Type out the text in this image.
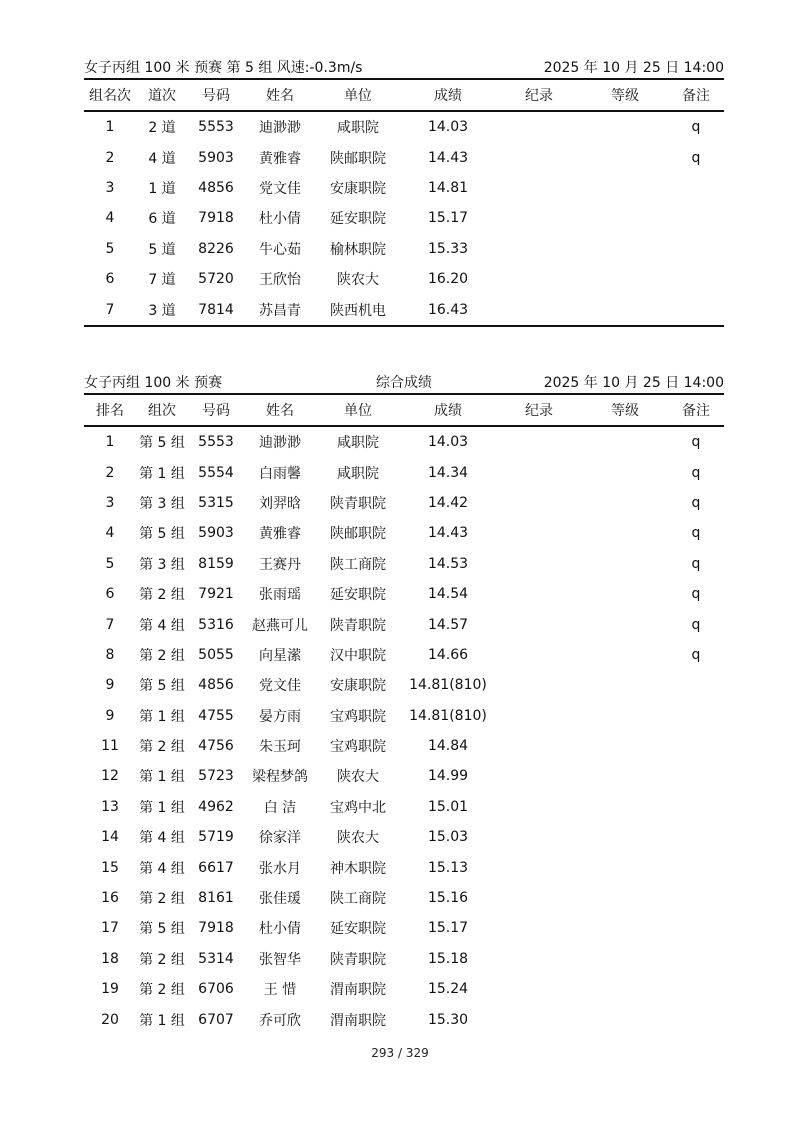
女子丙组 100 米 预赛 第 5 组 风速:-0.3m/s	2025 年 10 月 25 日 14:00
组名次	道次	号码	姓名	单位	成绩	纪录	等级	备注
1	2 道	5553	迪渺渺	咸职院	14.03			q
2	4 道	5903	黄雅睿	陕邮职院	14.43			q
3	1 道	4856	党文佳	安康职院	14.81			
4	6 道	7918	杜小倩	延安职院	15.17			
5	5 道	8226	牛心茹	榆林职院	15.33			
6	7 道	5720	王欣怡	陕农大	16.20			
7	3 道	7814	苏昌青	陕西机电	16.43			
女子丙组 100 米 预赛	综合成绩	2025 年 10 月 25 日 14:00
排名	组次	号码	姓名	单位	成绩	纪录	等级	备注
1	第 5 组	5553	迪渺渺	咸职院	14.03			q
2	第 1 组	5554	白雨馨	咸职院	14.34			q
3	第 3 组	5315	刘羿晗	陕青职院	14.42			q
4	第 5 组	5903	黄雅睿	陕邮职院	14.43			q
5	第 3 组	8159	王赛丹	陕工商院	14.53			q
6	第 2 组	7921	张雨瑶	延安职院	14.54			q
7	第 4 组	5316	赵燕可儿	陕青职院	14.57			q
8	第 2 组	5055	向星潆	汉中职院	14.66			q
9	第 5 组	4856	党文佳	安康职院	14.81(810)			
9	第 1 组	4755	晏方雨	宝鸡职院	14.81(810)			
11	第 2 组	4756	朱玉珂	宝鸡职院	14.84			
12	第 1 组	5723	梁程梦鸽	陕农大	14.99			
13	第 1 组	4962	白 洁	宝鸡中北	15.01			
14	第 4 组	5719	徐家洋	陕农大	15.03			
15	第 4 组	6617	张水月	神木职院	15.13			
16	第 2 组	8161	张佳瑗	陕工商院	15.16			
17	第 5 组	7918	杜小倩	延安职院	15.17			
18	第 2 组	5314	张智华	陕青职院	15.18			
19	第 2 组	6706	王 惜	渭南职院	15.24			
20	第 1 组	6707	乔可欣	渭南职院	15.30			
293 / 329
